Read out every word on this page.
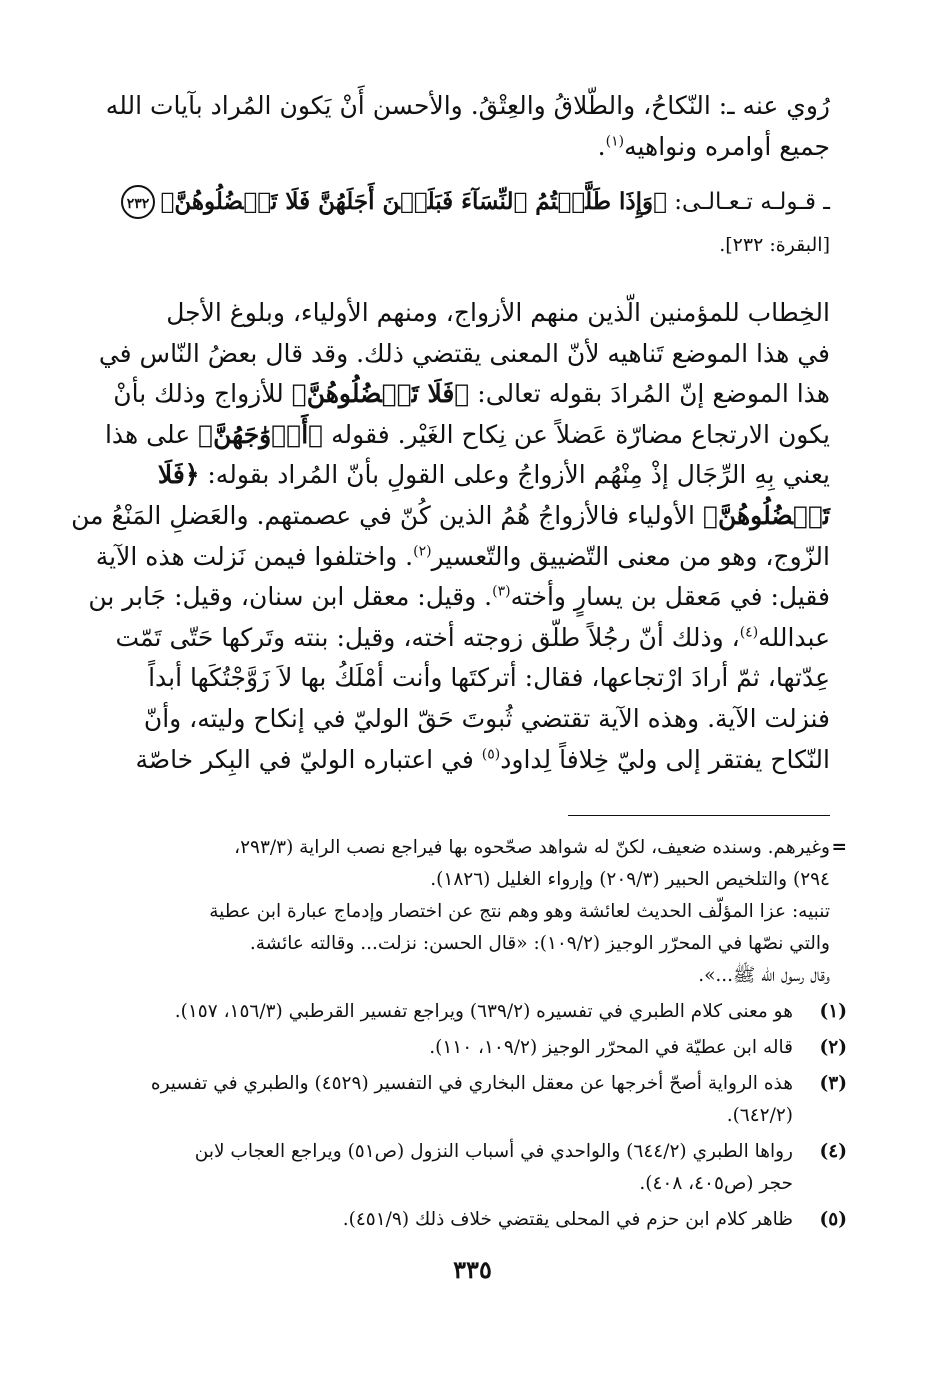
رُوي عنه ـ: النّكاحُ، والطّلاقُ والعِتْقُ. والأحسن أَنْ يَكون المُراد بآيات الله
جميع أوامره ونواهيه$^{(١)}$.
٢٣٢	ـ قـولـه تـعـالـى: ﴿وَإِذَا طَلَّقۡتُمُ ٱلنِّسَآءَ فَبَلَغۡنَ أَجَلَهُنَّ فَلَا تَعۡضُلُوهُنَّ﴾
[البقرة: ٢٣٢].
الخِطاب للمؤمنين الّذين منهم الأزواج، ومنهم الأولياء، وبلوغ الأجل
في هذا الموضع تَناهيه لأنّ المعنى يقتضي ذلك. وقد قال بعضُ النّاس في
هذا الموضع إنّ المُرادَ بقوله تعالى: ﴿فَلَا تَعۡضُلُوهُنَّ﴾ للأزواج وذلك بأنْ
يكون الارتجاع مضارّة عَضلاً عن نِكاح الغَيْر. فقوله ﴿أَزۡوَٰجَهُنَّ﴾ على هذا
يعني بِهِ الرِّجَال إذْ مِنْهُم الأزواجُ وعلى القولِ بأنّ المُراد بقوله: ﴿فَلَا
تَعۡضُلُوهُنَّ﴾ الأولياء فالأزواجُ هُمُ الذين كُنّ في عصمتهم. والعَضلِ المَنْعُ من
الزّوج، وهو من معنى التّضييق والتّعسير$^{(٢)}$. واختلفوا فيمن نَزلت هذه الآية
فقيل: في مَعقل بن يسارٍ وأخته$^{(٣)}$. وقيل: معقل ابن سنان، وقيل: جَابر بن
عبدالله$^{(٤)}$، وذلك أنّ رجُلاً طلّق زوجته أخته، وقيل: بنته وتَركها حَتّى تَمّت
عِدّتها، ثمّ أرادَ ارْتجاعها، فقال: أتركتَها وأنت أمْلَكُ بها لاَ زَوَّجْتُكَها أبداً
فنزلت الآية. وهذه الآية تقتضي ثُبوتَ حَقّ الوليّ في إنكاح وليته، وأنّ
النّكاح يفتقر إلى وليّ خِلافاً لِداود$^{(٥)}$ في اعتباره الوليّ في البِكر خاصّة
=
وغيرهم. وسنده ضعيف، لكنّ له شواهد صحّحوه بها فيراجع نصب الراية (٢٩٣/٣،
٢٩٤) والتلخيص الحبير (٢٠٩/٣) وإرواء الغليل (١٨٢٦).
تنبيه: عزا المؤلّف الحديث لعائشة وهو وهم نتج عن اختصار وإدماج عبارة ابن عطية
والتي نصّها في المحرّر الوجيز (١٠٩/٢): «قال الحسن: نزلت... وقالته عائشة.
وقال رسول الله ﷺ...».
(١)
هو معنى كلام الطبري في تفسيره (٦٣٩/٢) ويراجع تفسير القرطبي (١٥٦/٣، ١٥٧).
(٢)
قاله ابن عطيّة في المحرّر الوجيز (١٠٩/٢، ١١٠).
(٣)
هذه الرواية أصحّ أخرجها عن معقل البخاري في التفسير (٤٥٢٩) والطبري في تفسيره
(٦٤٢/٢).
(٤)
رواها الطبري (٦٤٤/٢) والواحدي في أسباب النزول (ص٥١) ويراجع العجاب لابن
حجر (ص٤٠٥، ٤٠٨).
(٥)
ظاهر كلام ابن حزم في المحلى يقتضي خلاف ذلك (٤٥١/٩).
٣٣٥
